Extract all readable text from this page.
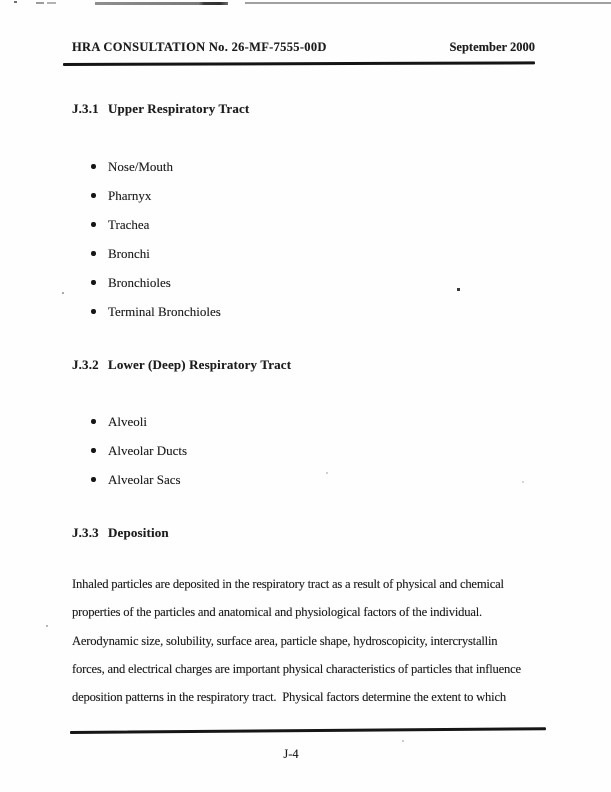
HRA CONSULTATION No. 26-MF-7555-00D	September 2000
J.3.1 Upper Respiratory Tract
Nose/Mouth
Pharnyx
Trachea
Bronchi
Bronchioles
Terminal Bronchioles
J.3.2 Lower (Deep) Respiratory Tract
Alveoli
Alveolar Ducts
Alveolar Sacs
J.3.3 Deposition
Inhaled particles are deposited in the respiratory tract as a result of physical and chemical
properties of the particles and anatomical and physiological factors of the individual.
Aerodynamic size, solubility, surface area, particle shape, hydroscopicity, intercrystallin
forces, and electrical charges are important physical characteristics of particles that influence
deposition patterns in the respiratory tract.  Physical factors determine the extent to which
J-4
